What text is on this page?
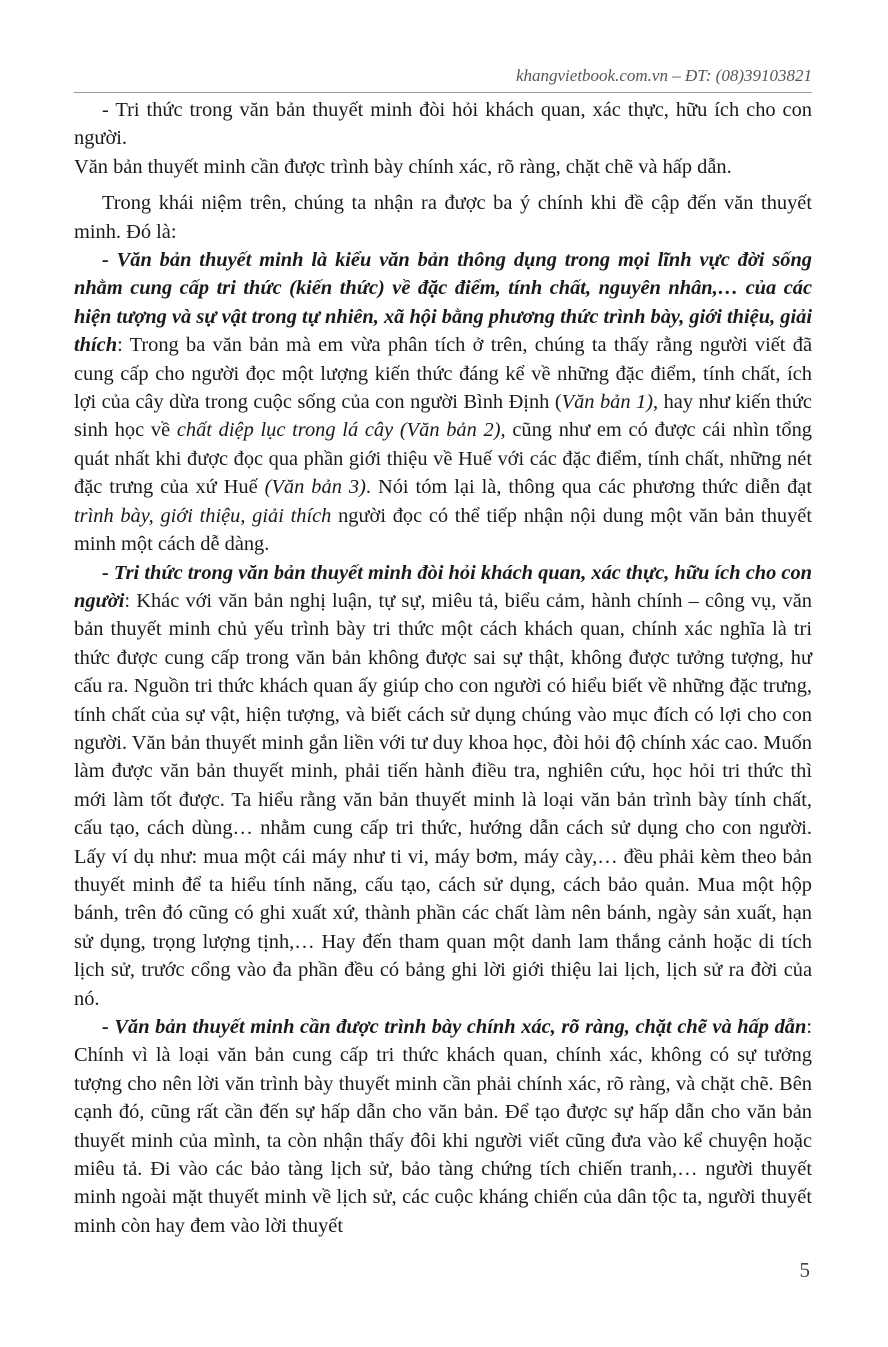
khangvietbook.com.vn – ĐT: (08)39103821

- Tri thức trong văn bản thuyết minh đòi hỏi khách quan, xác thực, hữu ích cho con người.

Văn bản thuyết minh cần được trình bày chính xác, rõ ràng, chặt chẽ và hấp dẫn.

Trong khái niệm trên, chúng ta nhận ra được ba ý chính khi đề cập đến văn thuyết minh. Đó là:

- Văn bản thuyết minh là kiểu văn bản thông dụng trong mọi lĩnh vực đời sống nhằm cung cấp tri thức (kiến thức) về đặc điểm, tính chất, nguyên nhân,… của các hiện tượng và sự vật trong tự nhiên, xã hội bằng phương thức trình bày, giới thiệu, giải thích: Trong ba văn bản mà em vừa phân tích ở trên, chúng ta thấy rằng người viết đã cung cấp cho người đọc một lượng kiến thức đáng kể về những đặc điểm, tính chất, ích lợi của cây dừa trong cuộc sống của con người Bình Định (Văn bản 1), hay như kiến thức sinh học về chất diệp lục trong lá cây (Văn bản 2), cũng như em có được cái nhìn tổng quát nhất khi được đọc qua phần giới thiệu về Huế với các đặc điểm, tính chất, những nét đặc trưng của xứ Huế (Văn bản 3). Nói tóm lại là, thông qua các phương thức diễn đạt trình bày, giới thiệu, giải thích người đọc có thể tiếp nhận nội dung một văn bản thuyết minh một cách dễ dàng.

- Tri thức trong văn bản thuyết minh đòi hỏi khách quan, xác thực, hữu ích cho con người: Khác với văn bản nghị luận, tự sự, miêu tả, biểu cảm, hành chính – công vụ, văn bản thuyết minh chủ yếu trình bày tri thức một cách khách quan, chính xác nghĩa là tri thức được cung cấp trong văn bản không được sai sự thật, không được tưởng tượng, hư cấu ra. Nguồn tri thức khách quan ấy giúp cho con người có hiểu biết về những đặc trưng, tính chất của sự vật, hiện tượng, và biết cách sử dụng chúng vào mục đích có lợi cho con người. Văn bản thuyết minh gắn liền với tư duy khoa học, đòi hỏi độ chính xác cao. Muốn làm được văn bản thuyết minh, phải tiến hành điều tra, nghiên cứu, học hỏi tri thức thì mới làm tốt được. Ta hiểu rằng văn bản thuyết minh là loại văn bản trình bày tính chất, cấu tạo, cách dùng… nhằm cung cấp tri thức, hướng dẫn cách sử dụng cho con người. Lấy ví dụ như: mua một cái máy như ti vi, máy bơm, máy cày,… đều phải kèm theo bản thuyết minh để ta hiểu tính năng, cấu tạo, cách sử dụng, cách bảo quản. Mua một hộp bánh, trên đó cũng có ghi xuất xứ, thành phần các chất làm nên bánh, ngày sản xuất, hạn sử dụng, trọng lượng tịnh,… Hay đến tham quan một danh lam thắng cảnh hoặc di tích lịch sử, trước cổng vào đa phần đều có bảng ghi lời giới thiệu lai lịch, lịch sử ra đời của nó.

- Văn bản thuyết minh cần được trình bày chính xác, rõ ràng, chặt chẽ và hấp dẫn: Chính vì là loại văn bản cung cấp tri thức khách quan, chính xác, không có sự tưởng tượng cho nên lời văn trình bày thuyết minh cần phải chính xác, rõ ràng, và chặt chẽ. Bên cạnh đó, cũng rất cần đến sự hấp dẫn cho văn bản. Để tạo được sự hấp dẫn cho văn bản thuyết minh của mình, ta còn nhận thấy đôi khi người viết cũng đưa vào kể chuyện hoặc miêu tả. Đi vào các bảo tàng lịch sử, bảo tàng chứng tích chiến tranh,… người thuyết minh ngoài mặt thuyết minh về lịch sử, các cuộc kháng chiến của dân tộc ta, người thuyết minh còn hay đem vào lời thuyết

5
